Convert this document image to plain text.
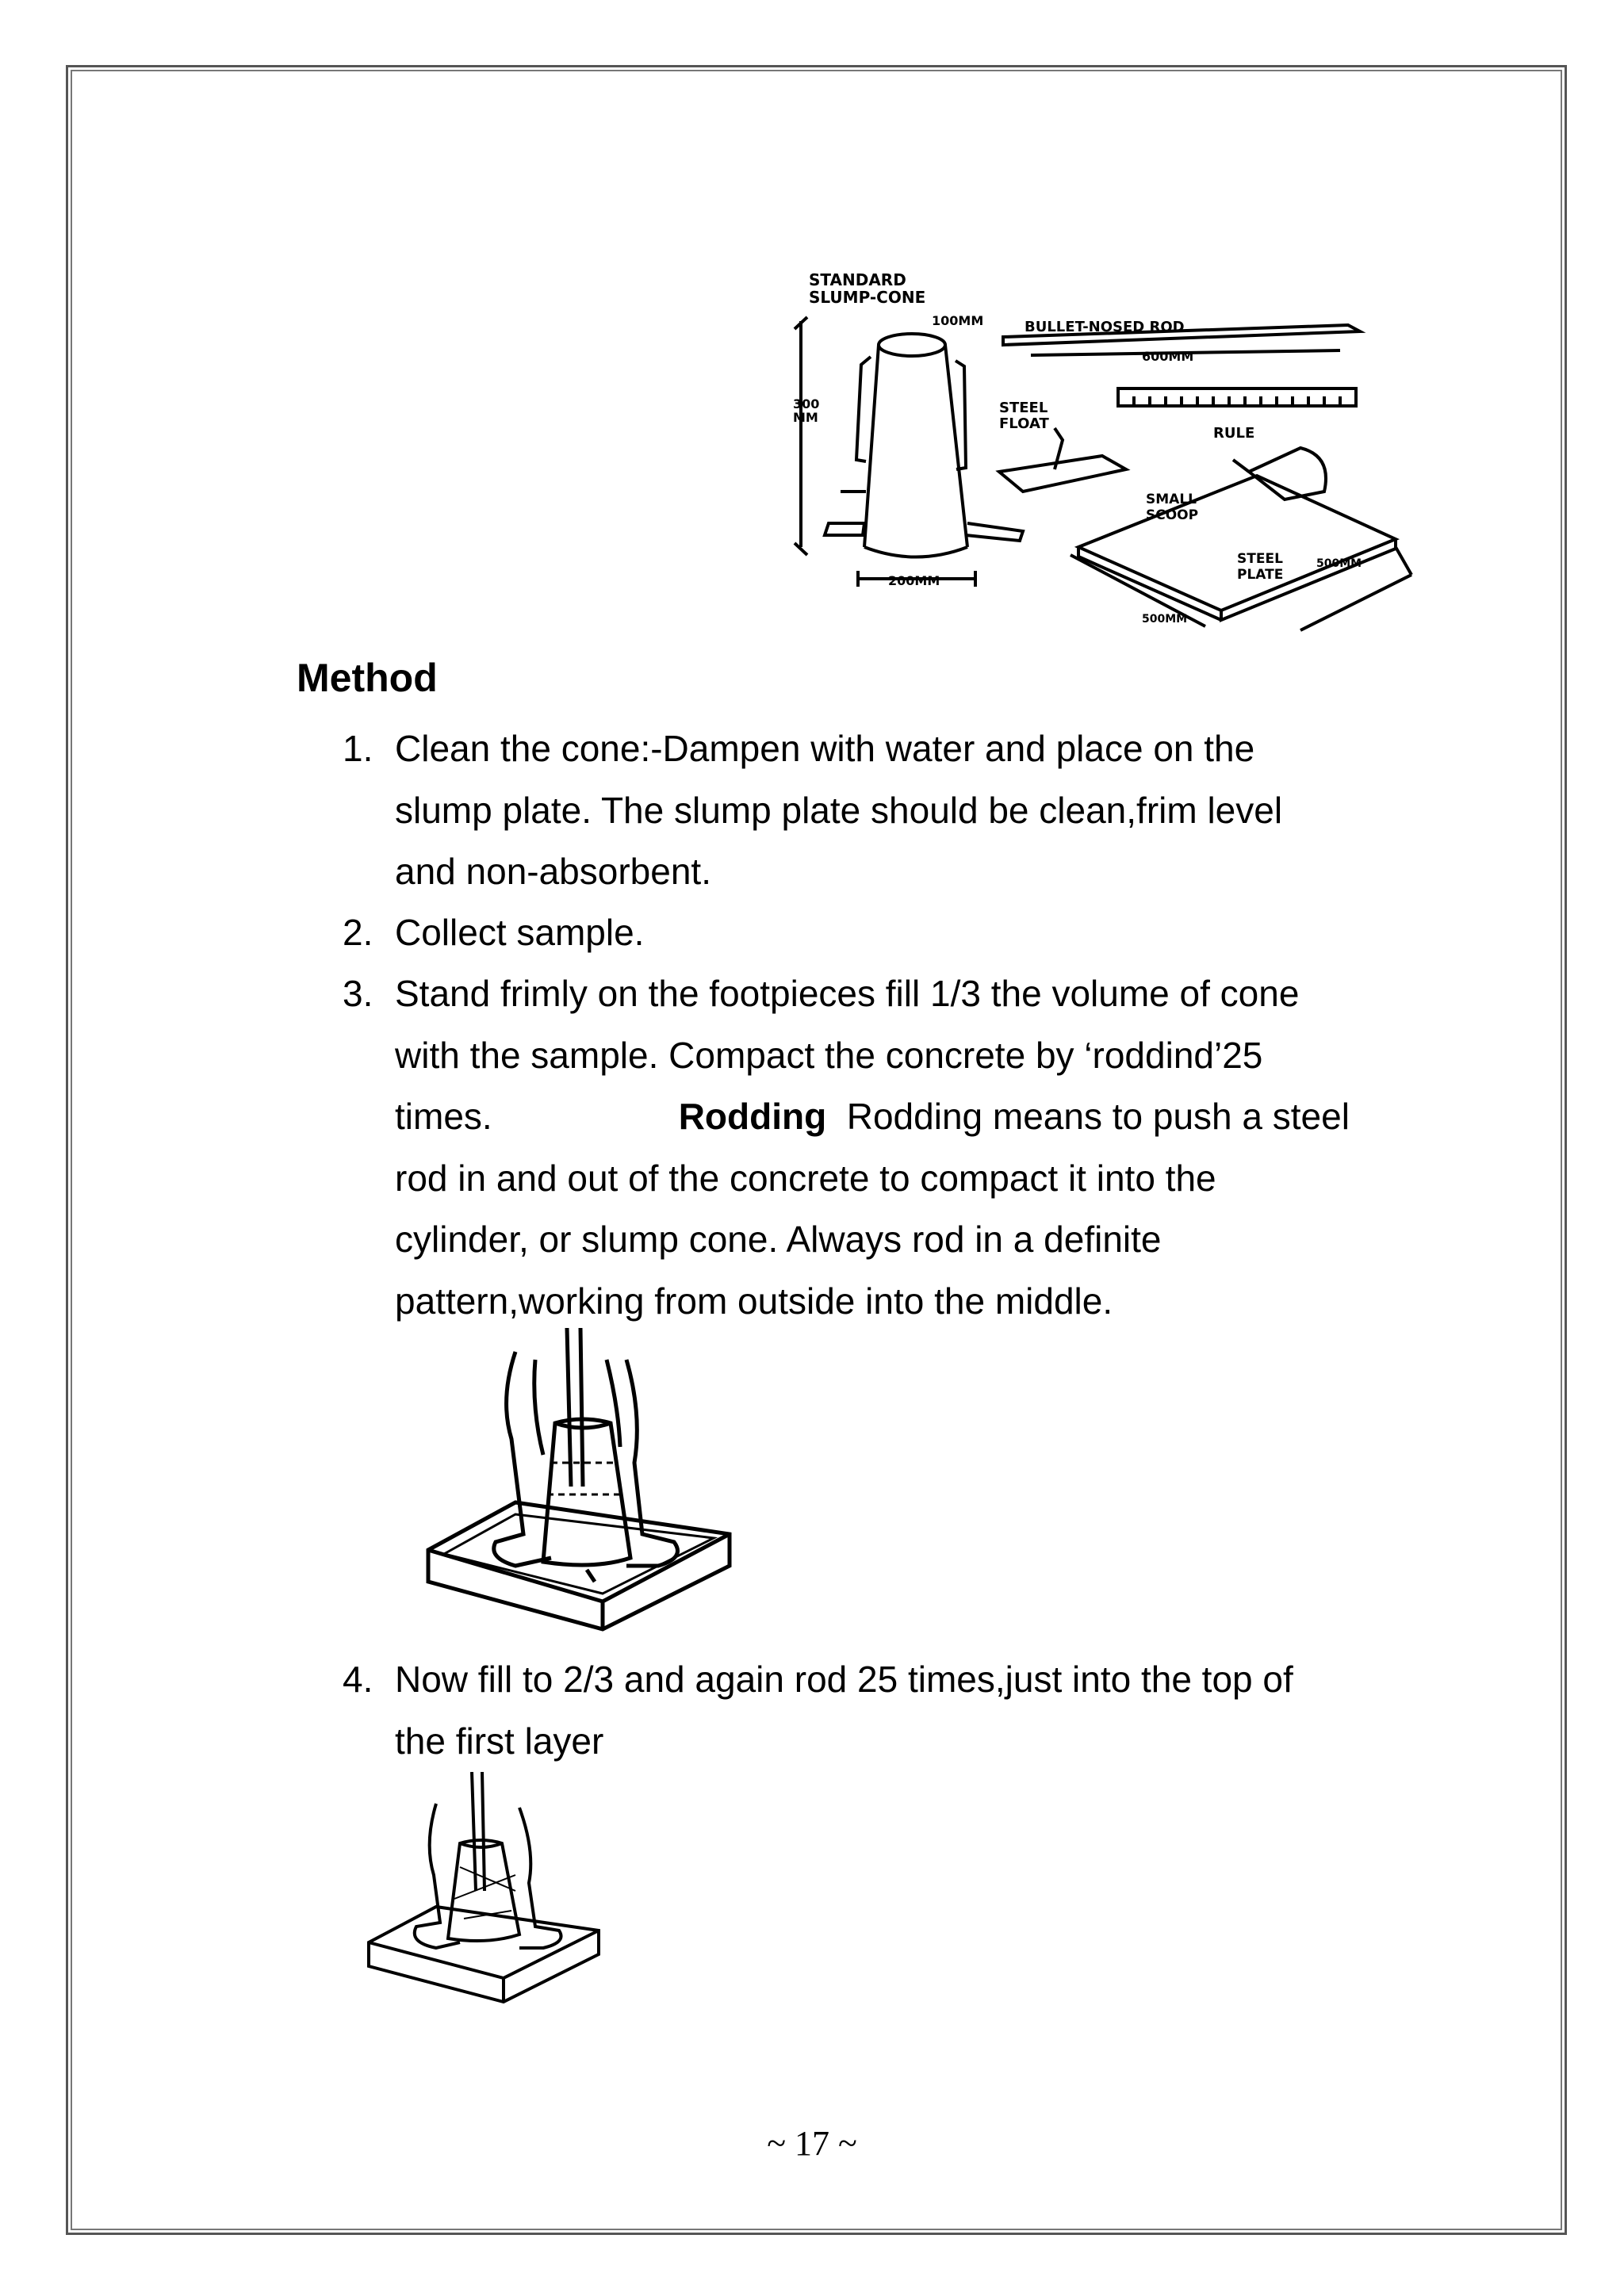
STANDARD
SLUMP-CONE
100MM
300
MM
200MM
BULLET-NOSED ROD
600MM
STEEL
FLOAT
RULE
SMALL
SCOOP
STEEL
PLATE
500MM
500MM
Method
1. Clean the cone:-Dampen with water and place on the
slump plate. The slump plate should be clean,frim level
and non-absorbent.
2. Collect sample.
3. Stand frimly on the footpieces fill 1/3 the volume of cone
with the sample. Compact the concrete by ‘roddind’25
times.	Rodding Rodding means to push a steel
rod in and out of the concrete to compact it into the
cylinder, or slump cone. Always rod in a definite
pattern,working from outside into the middle.
4. Now fill to 2/3 and again rod 25 times,just into the top of
the first layer
~ 17 ~
